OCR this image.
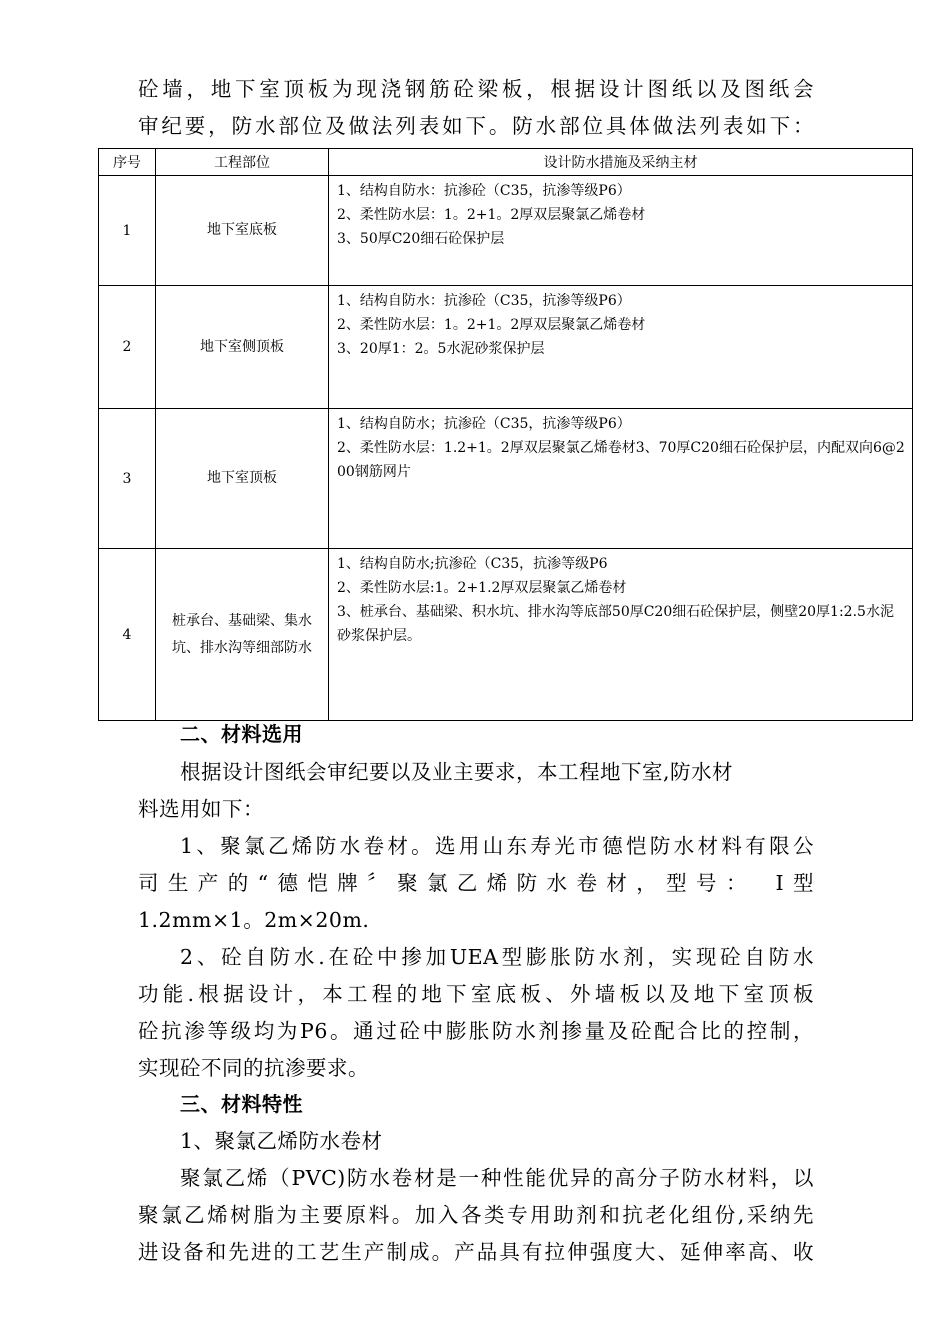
砼墙，地下室顶板为现浇钢筋砼梁板，根据设计图纸以及图纸会
审纪要，防水部位及做法列表如下。防水部位具体做法列表如下：
序号	工程部位	设计防水措施及采纳主材
1	地下室底板	1、结构自防水：抗渗砼（C35，抗渗等级P6）
2、柔性防水层：1。2+1。2厚双层聚氯乙烯卷材
3、50厚C20细石砼保护层

2	地下室侧顶板	1、结构自防水：抗渗砼（C35，抗渗等级P6）
2、柔性防水层：1。2+1。2厚双层聚氯乙烯卷材
3、20厚1：2。5水泥砂浆保护层

3	地下室顶板	1、结构自防水；抗渗砼（C35，抗渗等级P6）
2、柔性防水层：1.2+1。2厚双层聚氯乙烯卷材3、70厚C20细石砼保护层，内配双向6@200钢筋网片

4	桩承台、基础梁、集水坑、排水沟等细部防水	1、结构自防水;抗渗砼（C35，抗渗等级P6
2、柔性防水层:1。2+1.2厚双层聚氯乙烯卷材
3、桩承台、基础梁、积水坑、排水沟等底部50厚C20细石砼保护层，侧壁20厚1:2.5水泥砂浆保护层。
二、材料选用
根据设计图纸会审纪要以及业主要求，本工程地下室,防水材
料选用如下：
1、聚氯乙烯防水卷材。选用山东寿光市德恺防水材料有限公
司生产的“德恺牌〞聚氯乙烯防水卷材，型号：　Ⅰ型
1.2mm×1。2m×20m.
2、砼自防水.在砼中掺加UEA型膨胀防水剂，实现砼自防水
功能.根据设计，本工程的地下室底板、外墙板以及地下室顶板
砼抗渗等级均为P6。通过砼中膨胀防水剂掺量及砼配合比的控制，
实现砼不同的抗渗要求。
三、材料特性
1、聚氯乙烯防水卷材
聚氯乙烯（PVC)防水卷材是一种性能优异的高分子防水材料，以
聚氯乙烯树脂为主要原料。加入各类专用助剂和抗老化组份,采纳先
进设备和先进的工艺生产制成。产品具有拉伸强度大、延伸率高、收
